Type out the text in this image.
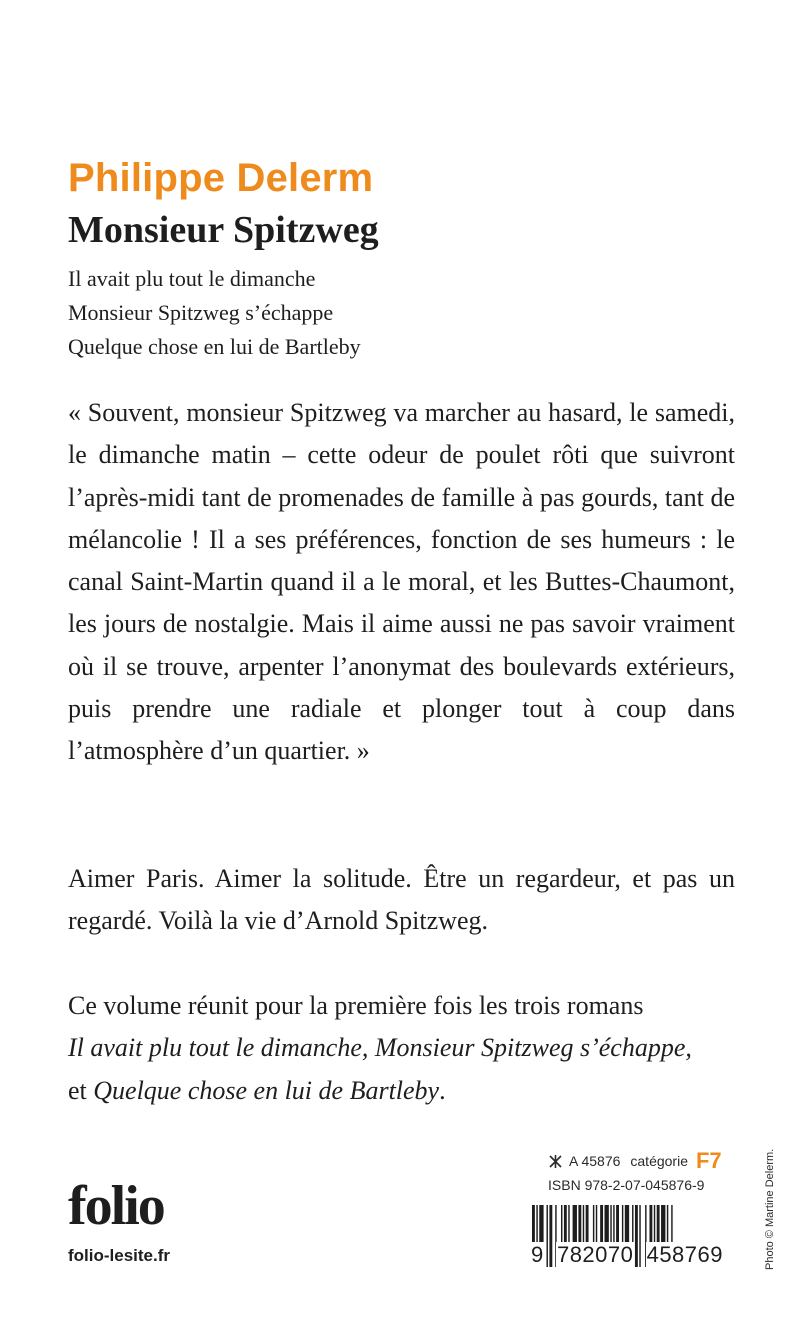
Philippe Delerm
Monsieur Spitzweg
Il avait plu tout le dimanche
Monsieur Spitzweg s’échappe
Quelque chose en lui de Bartleby

« Souvent, monsieur Spitzweg va marcher au hasard, le samedi, le dimanche matin – cette odeur de poulet rôti que suivront l’après-midi tant de promenades de famille à pas gourds, tant de mélancolie ! Il a ses préférences, fonction de ses humeurs : le canal Saint-Martin quand il a le moral, et les Buttes-Chaumont, les jours de nostalgie. Mais il aime aussi ne pas savoir vraiment où il se trouve, arpenter l’anonymat des boulevards extérieurs, puis prendre une radiale et plonger tout à coup dans l’atmosphère d’un quartier. »

Aimer Paris. Aimer la solitude. Être un regardeur, et pas un regardé. Voilà la vie d’Arnold Spitzweg.

Ce volume réunit pour la première fois les trois romans
Il avait plu tout le dimanche, Monsieur Spitzweg s’échappe,
et Quelque chose en lui de Bartleby.

A 45876 catégorie F7
ISBN 978-2-07-045876-9
9 782070 458769
folio
folio-lesite.fr	Photo © Martine Delerm.
